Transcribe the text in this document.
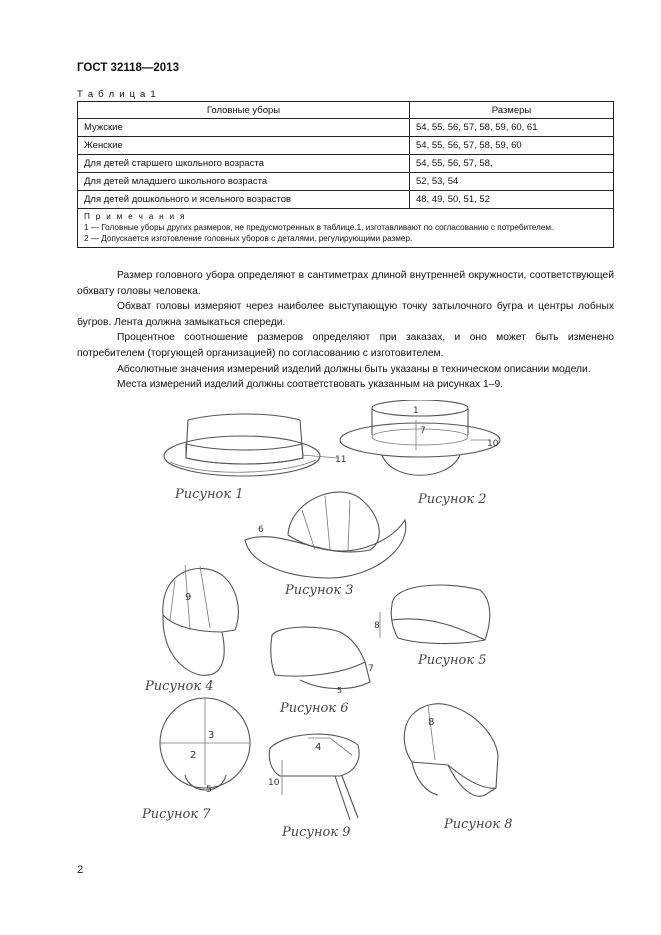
ГОСТ 32118—2013
Т а б л и ц а 1
Головные уборы	Размеры
Мужские	54, 55, 56, 57, 58, 59, 60, 61
Женские	54, 55, 56, 57, 58, 59, 60
Для детей старшего школьного возраста	54, 55, 56, 57, 58,
Для детей младшего школьного возраста	52, 53, 54
Для детей дошкольного и ясельного возрастов	48, 49, 50, 51, 52

П р и м е ч а н и я
1 — Головные уборы других размеров, не предусмотренных в таблице.1, изготавливают по согласованию с потребителем.
2 — Допускается изготовление головных уборов с деталями, регулирующими размер.	

Размер головного убора определяют в сантиметрах длиной внутренней окружности, соответствующей обхвату головы человека.

Обхват головы измеряют через наиболее выступающую точку затылочного бугра и центры лобных бугров. Лента должна замыкаться спереди.

Процентное соотношение размеров определяют при заказах, и оно может быть изменено потребителем (торгующей организацией) по согласованию с изготовителем.

Абсолютные значения измерений изделий должны быть указаны в техническом описании модели.

Места измерений изделий должны соответствовать указанным на рисунках 1–9.

11
Рисунок 1
1
7
10
Рисунок 2
6
Рисунок 3
9
Рисунок 4
8
Рисунок 5
7
5
Рисунок 6
3
2
5
Рисунок 7
4
10
Рисунок 9
8
Рисунок 8
2
